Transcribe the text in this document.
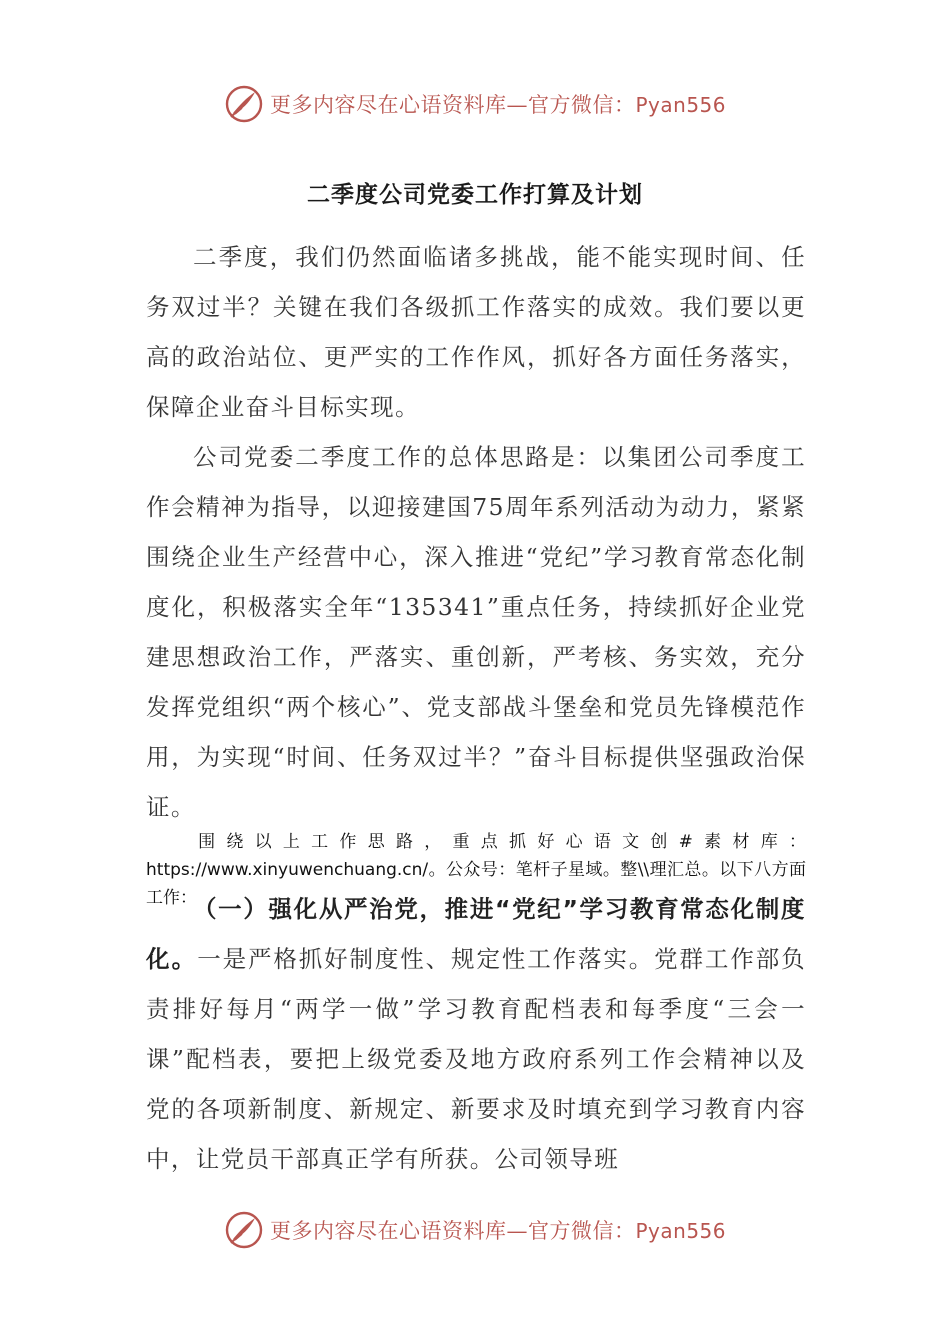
更多内容尽在心语资料库—官方微信：Pyan556
二季度公司党委工作打算及计划

二季度，我们仍然面临诸多挑战，能不能实现时间、任务双过半？关键在我们各级抓工作落实的成效。我们要以更高的政治站位、更严实的工作作风，抓好各方面任务落实，保障企业奋斗目标实现。

公司党委二季度工作的总体思路是：以集团公司季度工作会精神为指导，以迎接建国75周年系列活动为动力，紧紧围绕企业生产经营中心，深入推进“党纪”学习教育常态化制度化，积极落实全年“135341”重点任务，持续抓好企业党建思想政治工作，严落实、重创新，严考核、务实效，充分发挥党组织“两个核心”、党支部战斗堡垒和党员先锋模范作用，为实现“时间、任务双过半？”奋斗目标提供坚强政治保证。

围绕以上工作思路，重点抓好心语文创#素材库：https://www.xinyuwenchuang.cn/。公众号：笔杆子星域。整\\理汇总。以下八方面工作：

（一）强化从严治党，推进“党纪”学习教育常态化制度化。一是严格抓好制度性、规定性工作落实。党群工作部负责排好每月“两学一做”学习教育配档表和每季度“三会一课”配档表，要把上级党委及地方政府系列工作会精神以及党的各项新制度、新规定、新要求及时填充到学习教育内容中，让党员干部真正学有所获。公司领导班

更多内容尽在心语资料库—官方微信：Pyan556
